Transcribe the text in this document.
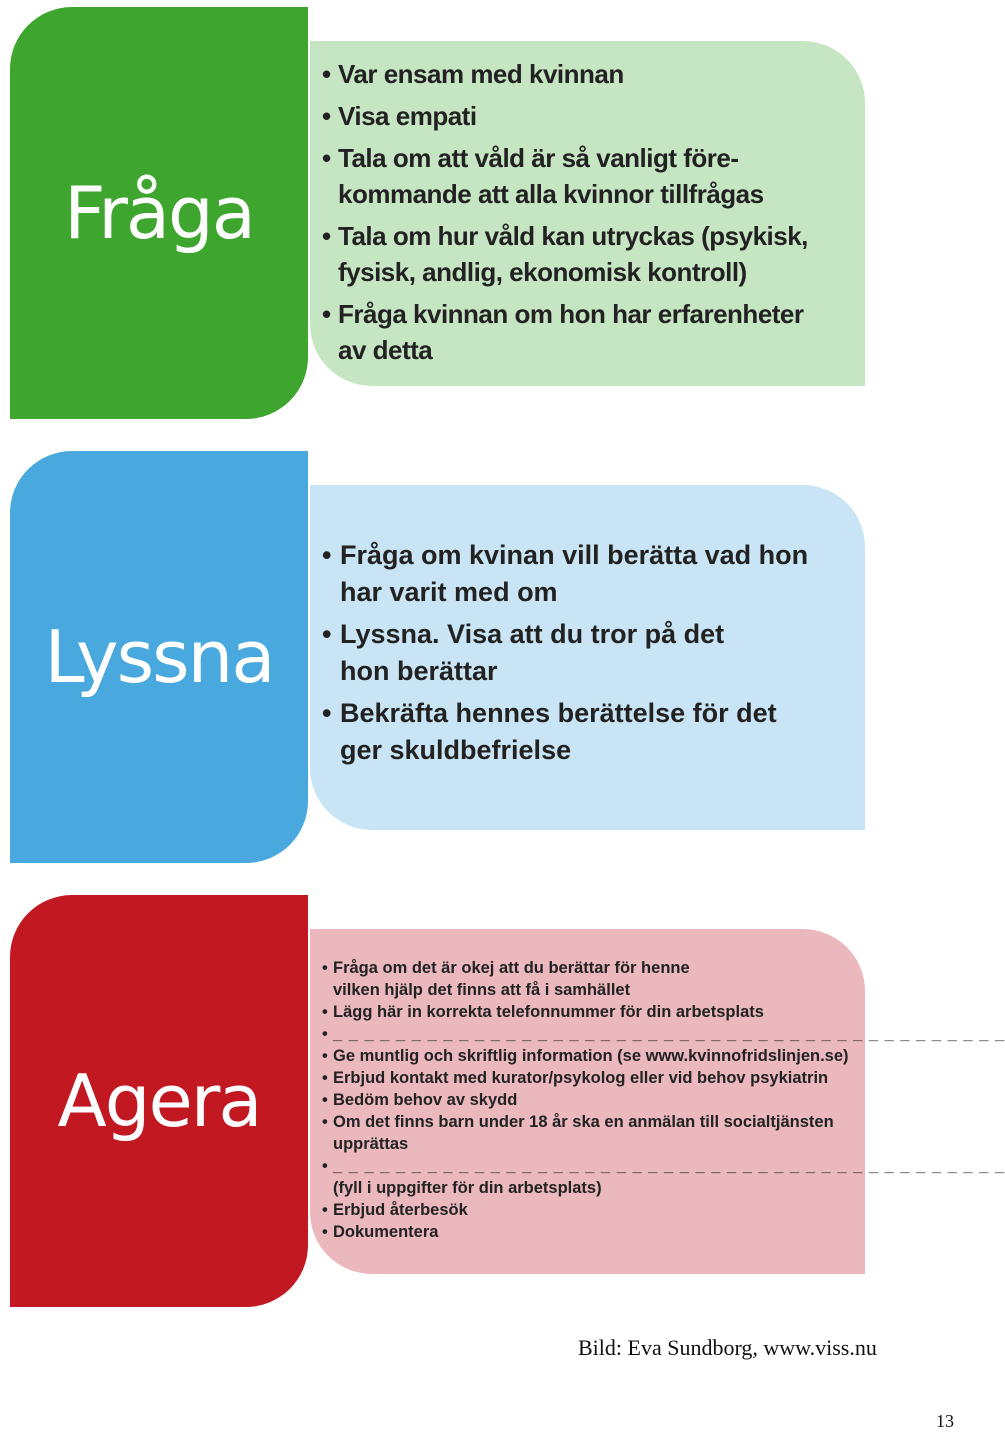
Fråga
• Var ensam med kvinnan
• Visa empati
• Tala om att våld är så vanligt före-
kommande att alla kvinnor tillfrågas
• Tala om hur våld kan utryckas (psykisk,
fysisk, andlig, ekonomisk kontroll)
• Fråga kvinnan om hon har erfarenheter
av detta
Lyssna
• Fråga om kvinan vill berätta vad hon
har varit med om
• Lyssna. Visa att du tror på det
hon berättar
• Bekräfta hennes berättelse för det
ger skuldbefrielse
Agera
• Fråga om det är okej att du berättar för henne
vilken hjälp det finns att få i samhället
• Lägg här in korrekta telefonnummer för din arbetsplats
• _ _ _ _ _ _ _ _ _ _ _ _ _ _ _ _ _ _ _ _ _ _ _ _ _ _ _ _ _ _ _ _ _ _ _ _ _ _ _ _ _ _ _
• Ge muntlig och skriftlig information (se www.kvinnofridslinjen.se)
• Erbjud kontakt med kurator/psykolog eller vid behov psykiatrin
• Bedöm behov av skydd
• Om det finns barn under 18 år ska en anmälan till socialtjänsten
upprättas
• _ _ _ _ _ _ _ _ _ _ _ _ _ _ _ _ _ _ _ _ _ _ _ _ _ _ _ _ _ _ _ _ _ _ _ _ _ _ _ _ _ _ _
(fyll i uppgifter för din arbetsplats)
• Erbjud återbesök
• Dokumentera
Bild: Eva Sundborg, www.viss.nu
13
